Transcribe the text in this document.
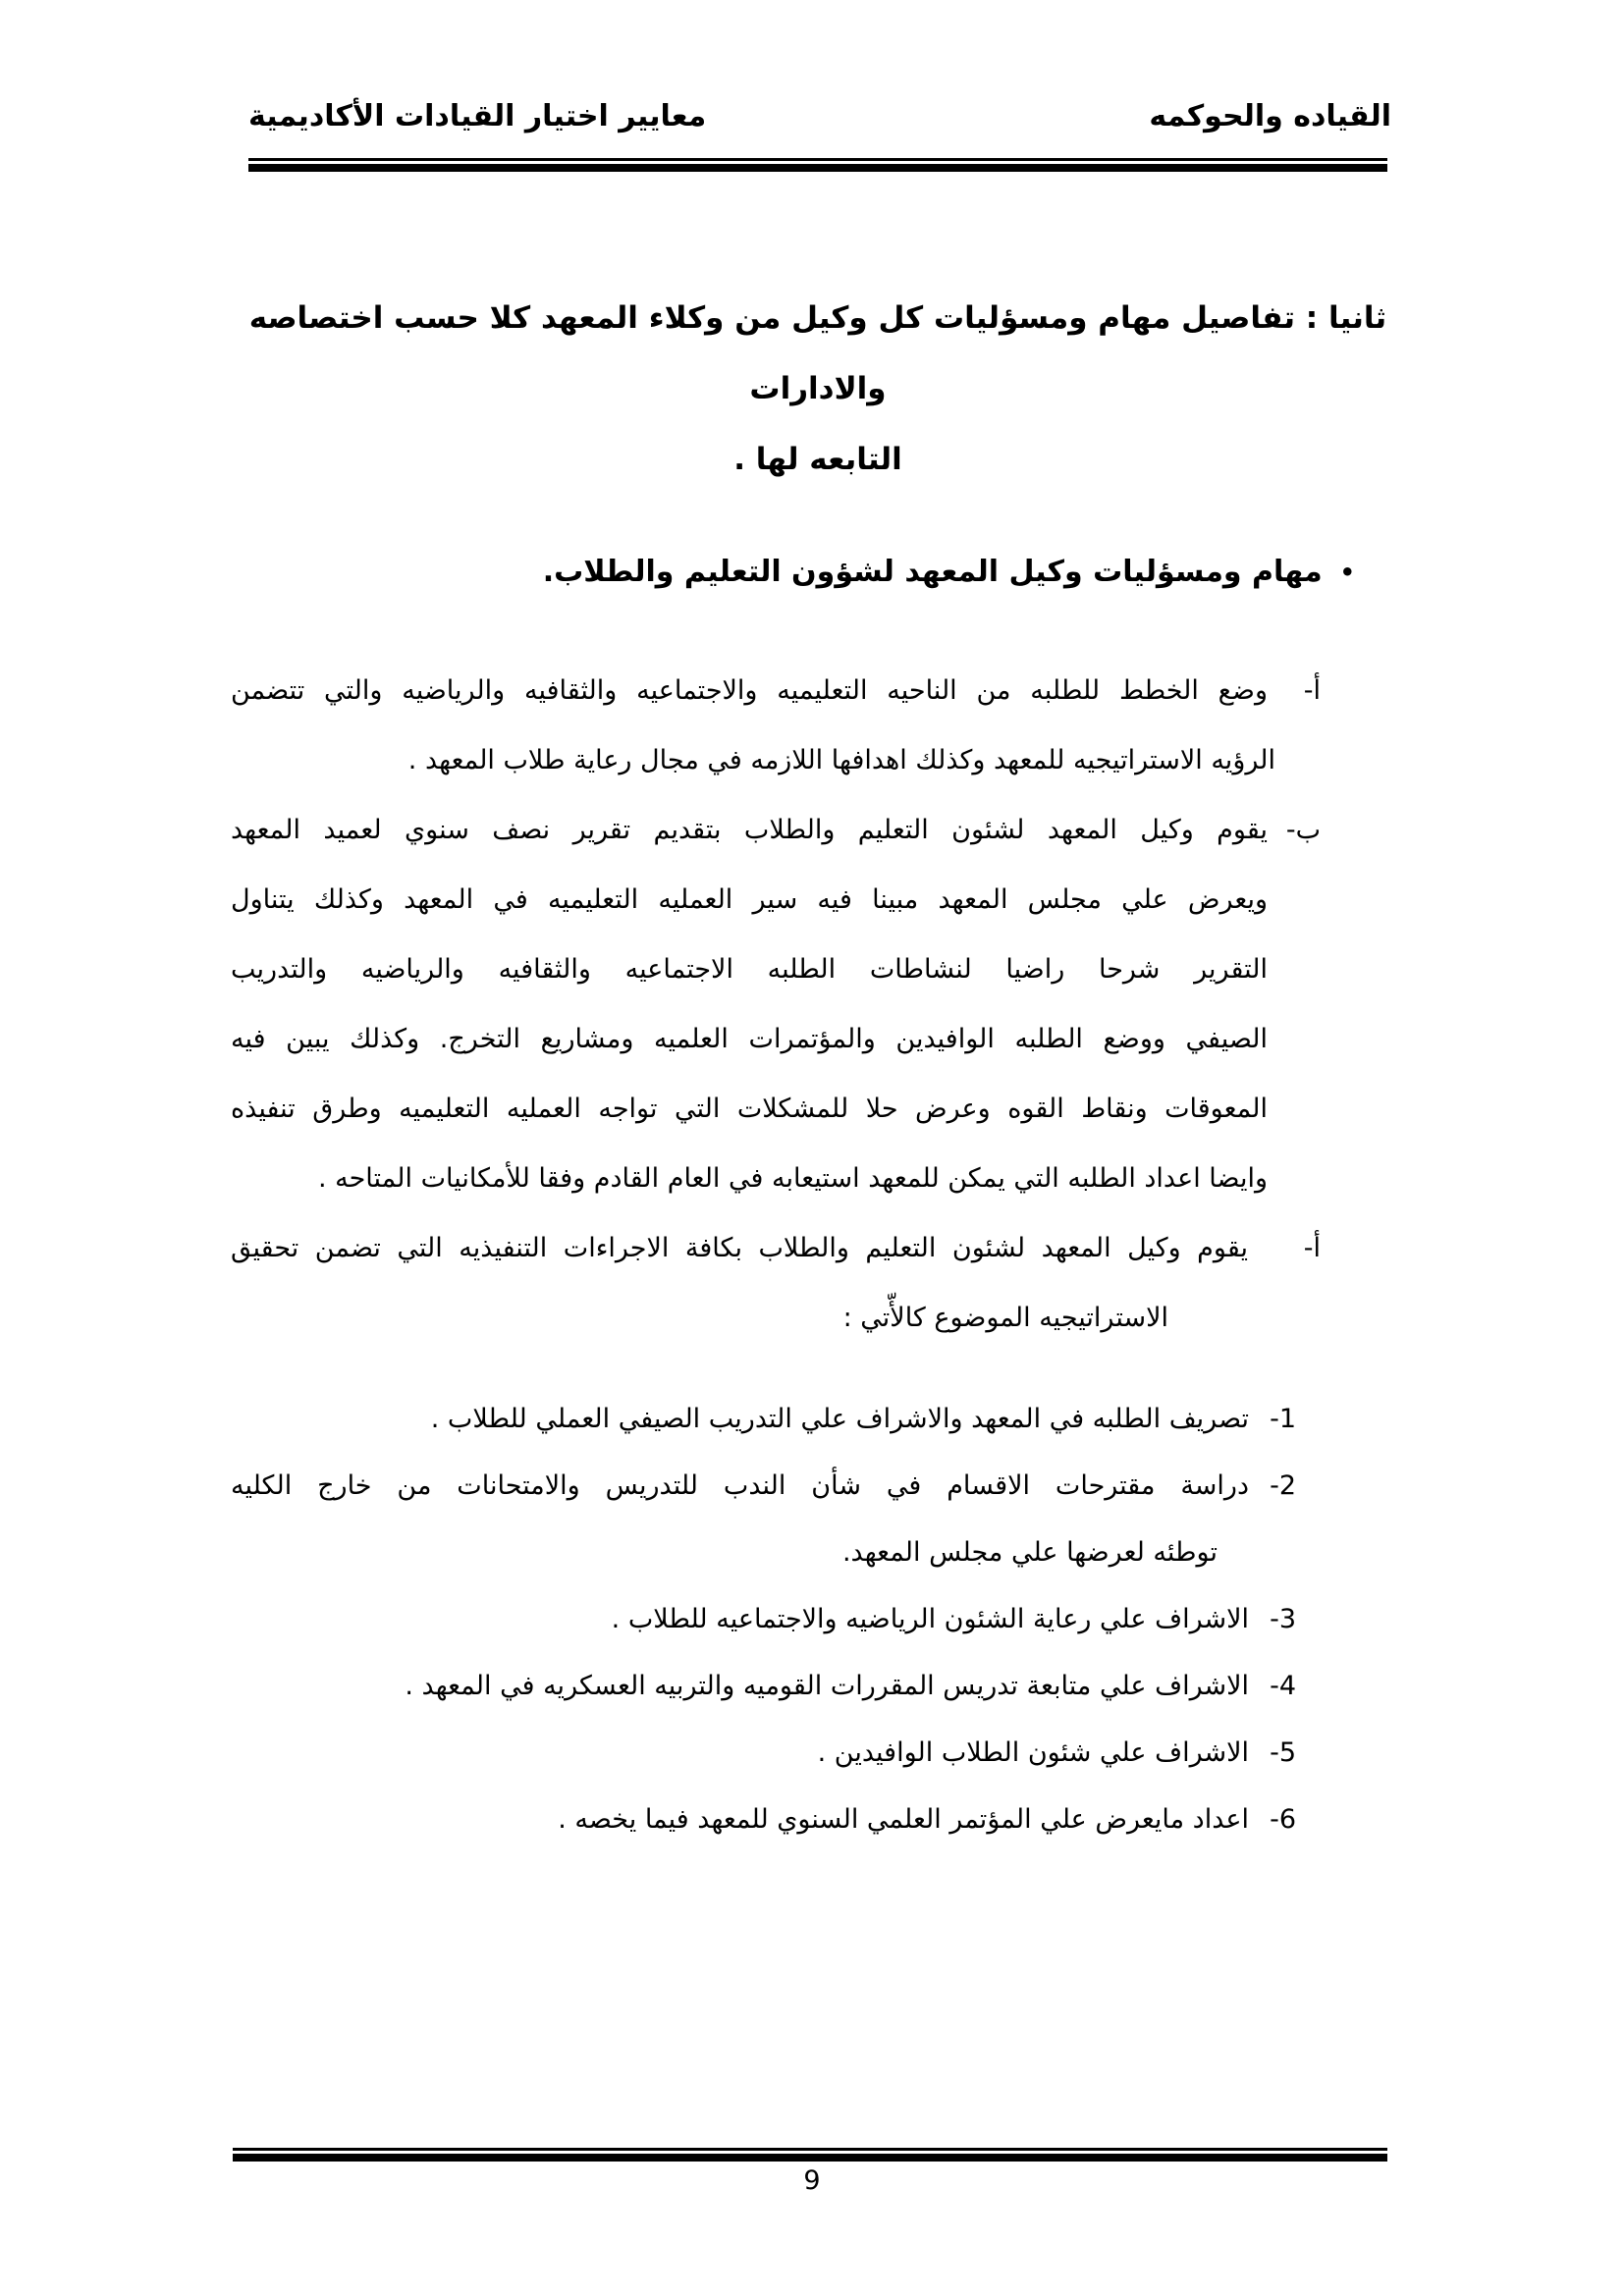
القياده والحوكمه
معايير اختيار القيادات الأكاديمية
ثانيا : تفاصيل مهام ومسؤليات كل وكيل من وكلاء المعهد كلا حسب اختصاصه والادارات
التابعه لها .
•
مهام ومسؤليات وكيل المعهد لشؤون التعليم والطلاب.
أ-
وضع الخطط للطلبه من الناحيه التعليميه والاجتماعيه والثقافيه والرياضيه والتي تتضمن
الرؤيه الاستراتيجيه للمعهد وكذلك اهدافها اللازمه في مجال رعاية طلاب المعهد .
ب-
يقوم وكيل المعهد لشئون التعليم والطلاب بتقديم تقرير نصف سنوي لعميد المعهد
ويعرض علي مجلس المعهد مبينا فيه سير العمليه التعليميه في المعهد وكذلك يتناول
التقرير شرحا راضيا لنشاطات الطلبه الاجتماعيه والثقافيه والرياضيه والتدريب
الصيفي ووضع الطلبه الوافيدين والمؤتمرات العلميه ومشاريع التخرج. وكذلك يبين فيه
المعوقات ونقاط القوه وعرض حلا للمشكلات التي تواجه العمليه التعليميه وطرق تنفيذه
وايضا اعداد الطلبه التي يمكن للمعهد استيعابه في العام القادم وفقا للأمكانيات المتاحه .
أ-
يقوم وكيل المعهد لشئون التعليم والطلاب بكافة الاجراءات التنفيذيه التي تضمن تحقيق
الاستراتيجيه الموضوع كالأّتي :
1-
تصريف الطلبه في المعهد والاشراف علي التدريب الصيفي العملي للطلاب .
2-
دراسة مقترحات الاقسام في شأن الندب للتدريس والامتحانات من خارج الكليه
توطئه لعرضها علي مجلس المعهد.
3-
الاشراف علي رعاية الشئون الرياضيه والاجتماعيه للطلاب .
4-
الاشراف علي متابعة تدريس المقررات القوميه والتربيه العسكريه في المعهد .
5-
الاشراف علي شئون الطلاب الوافيدين .
6-
اعداد مايعرض علي المؤتمر العلمي السنوي للمعهد فيما يخصه .
9
